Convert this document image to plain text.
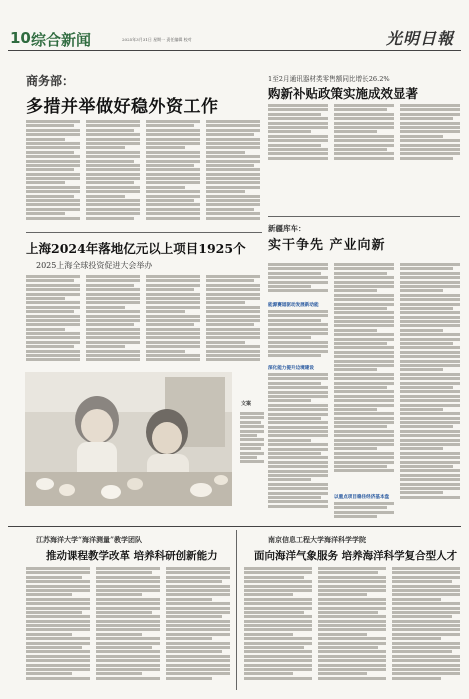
10 综合新闻	2025年3月31日 星期一 责任编辑 校对	光明日報
商务部：
多措并举做好稳外资工作
上海2024年落地亿元以上项目1925个
2025上海全球投资促进大会举办
文案
1至2月通讯器材类零售额同比增长26.2%
购新补贴政策实施成效显著
新疆库车：
实干争先 产业向新
能源赛道驱动发展新动能
深化能力提升边境建设
以重点项目稳住经济基本盘
江苏海洋大学“海洋测量”教学团队
推动课程教学改革 培养科研创新能力
南京信息工程大学海洋科学学院
面向海洋气象服务 培养海洋科学复合型人才
